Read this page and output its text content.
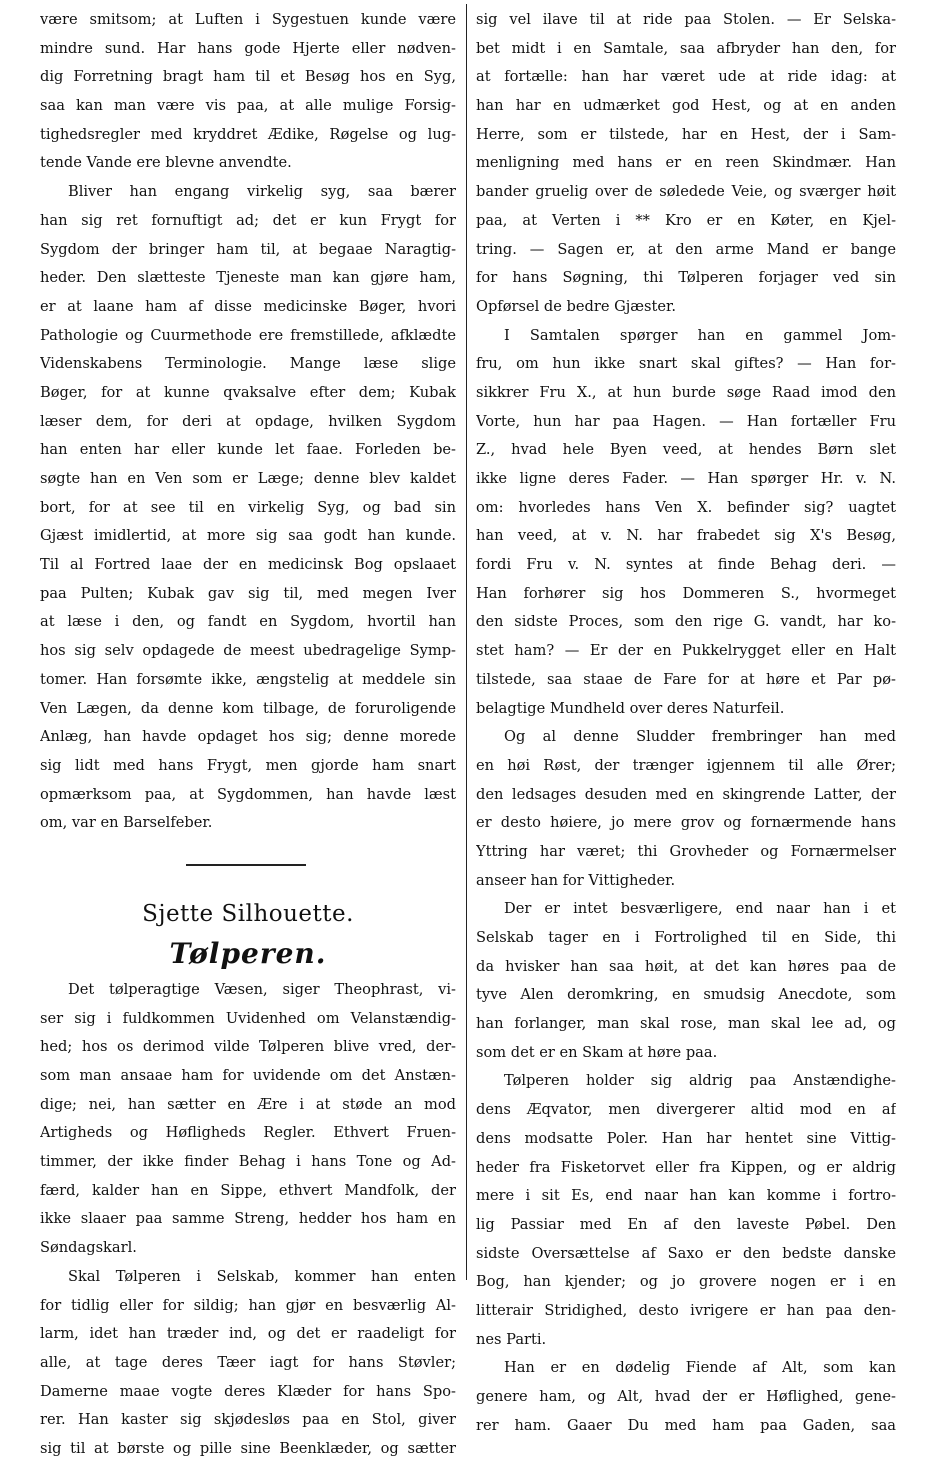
være smitsom; at Luften i Sygestuen kunde være
mindre sund. Har hans gode Hjerte eller nødven-
dig Forretning bragt ham til et Besøg hos en Syg,
saa kan man være vis paa, at alle mulige Forsig-
tighedsregler med kryddret Ædike, Røgelse og lug-
tende Vande ere blevne anvendte.
Bliver han engang virkelig syg, saa bærer
han sig ret fornuftigt ad; det er kun Frygt for
Sygdom der bringer ham til, at begaae Naragtig-
heder. Den slætteste Tjeneste man kan gjøre ham,
er at laane ham af disse medicinske Bøger, hvori
Pathologie og Cuurmethode ere fremstillede, afklædte
Videnskabens Terminologie. Mange læse slige
Bøger, for at kunne qvaksalve efter dem; Kubak
læser dem, for deri at opdage, hvilken Sygdom
han enten har eller kunde let faae. Forleden be-
søgte han en Ven som er Læge; denne blev kaldet
bort, for at see til en virkelig Syg, og bad sin
Gjæst imidlertid, at more sig saa godt han kunde.
Til al Fortred laae der en medicinsk Bog opslaaet
paa Pulten; Kubak gav sig til, med megen Iver
at læse i den, og fandt en Sygdom, hvortil han
hos sig selv opdagede de meest ubedragelige Symp-
tomer. Han forsømte ikke, ængstelig at meddele sin
Ven Lægen, da denne kom tilbage, de foruroligende
Anlæg, han havde opdaget hos sig; denne morede
sig lidt med hans Frygt, men gjorde ham snart
opmærksom paa, at Sygdommen, han havde læst
om, var en Barselfeber.
Sjette Silhouette.
Tølperen.
Det tølperagtige Væsen, siger Theophrast, vi-
ser sig i fuldkommen Uvidenhed om Velanstændig-
hed; hos os derimod vilde Tølperen blive vred, der-
som man ansaae ham for uvidende om det Anstæn-
dige; nei, han sætter en Ære i at støde an mod
Artigheds og Høfligheds Regler. Ethvert Fruen-
timmer, der ikke finder Behag i hans Tone og Ad-
færd, kalder han en Sippe, ethvert Mandfolk, der
ikke slaaer paa samme Streng, hedder hos ham en
Søndagskarl.
Skal Tølperen i Selskab, kommer han enten
for tidlig eller for sildig; han gjør en besværlig Al-
larm, idet han træder ind, og det er raadeligt for
alle, at tage deres Tæer iagt for hans Støvler;
Damerne maae vogte deres Klæder for hans Spo-
rer. Han kaster sig skjødesløs paa en Stol, giver
sig til at børste og pille sine Beenklæder, og sætter
sig vel ilave til at ride paa Stolen. — Er Selska-
bet midt i en Samtale, saa afbryder han den, for
at fortælle: han har været ude at ride idag: at
han har en udmærket god Hest, og at en anden
Herre, som er tilstede, har en Hest, der i Sam-
menligning med hans er en reen Skindmær. Han
bander gruelig over de søledede Veie, og sværger høit
paa, at Verten i ** Kro er en Køter, en Kjel-
tring. — Sagen er, at den arme Mand er bange
for hans Søgning, thi Tølperen forjager ved sin
Opførsel de bedre Gjæster.
I Samtalen spørger han en gammel Jom-
fru, om hun ikke snart skal giftes? — Han for-
sikkrer Fru X., at hun burde søge Raad imod den
Vorte, hun har paa Hagen. — Han fortæller Fru
Z., hvad hele Byen veed, at hendes Børn slet
ikke ligne deres Fader. — Han spørger Hr. v. N.
om: hvorledes hans Ven X. befinder sig? uagtet
han veed, at v. N. har frabedet sig X's Besøg,
fordi Fru v. N. syntes at finde Behag deri. —
Han forhører sig hos Dommeren S., hvormeget
den sidste Proces, som den rige G. vandt, har ko-
stet ham? — Er der en Pukkelrygget eller en Halt
tilstede, saa staae de Fare for at høre et Par pø-
belagtige Mundheld over deres Naturfeil.
Og al denne Sludder frembringer han med
en høi Røst, der trænger igjennem til alle Ører;
den ledsages desuden med en skingrende Latter, der
er desto høiere, jo mere grov og fornærmende hans
Yttring har været; thi Grovheder og Fornærmelser
anseer han for Vittigheder.
Der er intet besværligere, end naar han i et
Selskab tager en i Fortrolighed til en Side, thi
da hvisker han saa høit, at det kan høres paa de
tyve Alen deromkring, en smudsig Anecdote, som
han forlanger, man skal rose, man skal lee ad, og
som det er en Skam at høre paa.
Tølperen holder sig aldrig paa Anstændighe-
dens Æqvator, men divergerer altid mod en af
dens modsatte Poler. Han har hentet sine Vittig-
heder fra Fisketorvet eller fra Kippen, og er aldrig
mere i sit Es, end naar han kan komme i fortro-
lig Passiar med En af den laveste Pøbel. Den
sidste Oversættelse af Saxo er den bedste danske
Bog, han kjender; og jo grovere nogen er i en
litterair Stridighed, desto ivrigere er han paa den-
nes Parti.
Han er en dødelig Fiende af Alt, som kan
genere ham, og Alt, hvad der er Høflighed, gene-
rer ham. Gaaer Du med ham paa Gaden, saa
